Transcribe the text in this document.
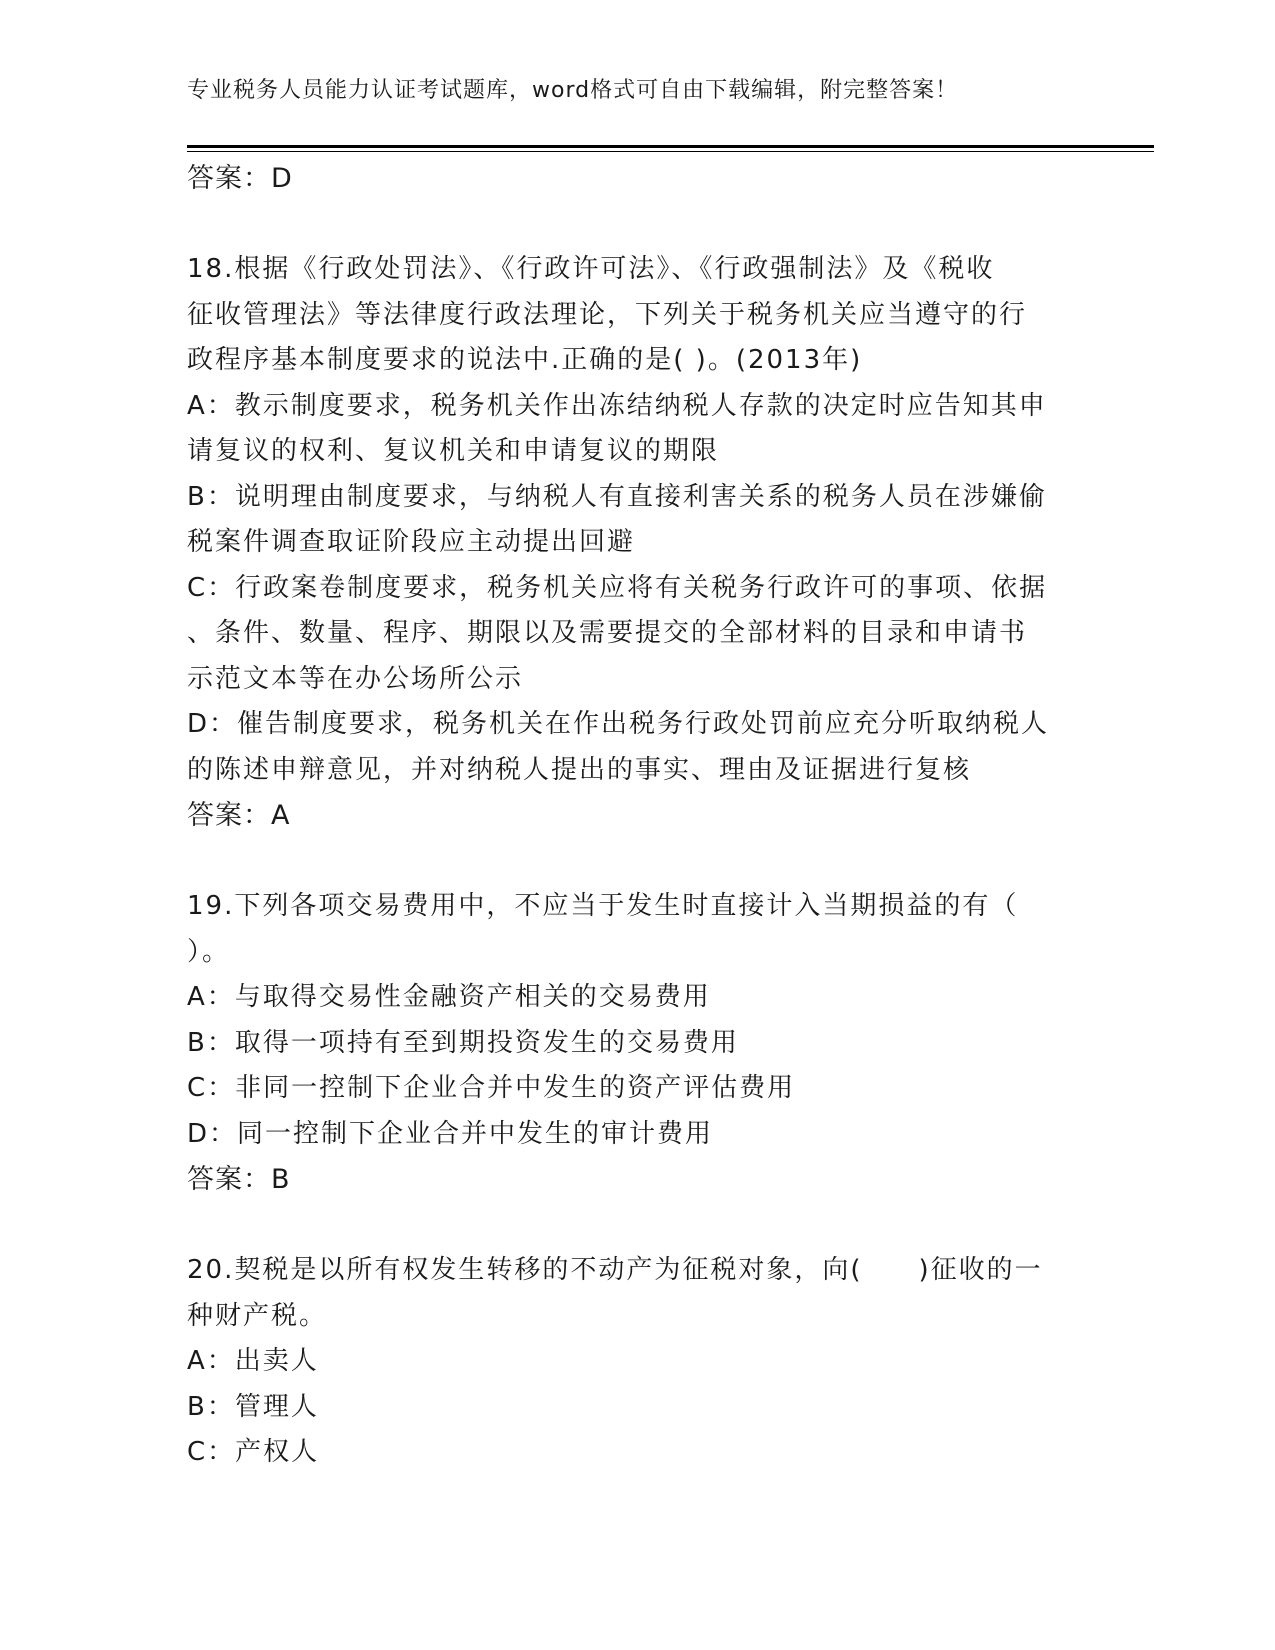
专业税务人员能力认证考试题库，word格式可自由下载编辑，附完整答案！
答案：D
18.根据《行政处罚法》、《行政许可法》、《行政强制法》及《税收
征收管理法》等法律度行政法理论，下列关于税务机关应当遵守的行
政程序基本制度要求的说法中.正确的是( )。(2013年)
A：教示制度要求，税务机关作出冻结纳税人存款的决定时应告知其申
请复议的权利、复议机关和申请复议的期限
B：说明理由制度要求，与纳税人有直接利害关系的税务人员在涉嫌偷
税案件调查取证阶段应主动提出回避
C：行政案卷制度要求，税务机关应将有关税务行政许可的事项、依据
、条件、数量、程序、期限以及需要提交的全部材料的目录和申请书
示范文本等在办公场所公示
D：催告制度要求，税务机关在作出税务行政处罚前应充分听取纳税人
的陈述申辩意见，并对纳税人提出的事实、理由及证据进行复核
答案：A
19.下列各项交易费用中，不应当于发生时直接计入当期损益的有（
）。
A：与取得交易性金融资产相关的交易费用
B：取得一项持有至到期投资发生的交易费用
C：非同一控制下企业合并中发生的资产评估费用
D：同一控制下企业合并中发生的审计费用
答案：B
20.契税是以所有权发生转移的不动产为征税对象，向(　　)征收的一
种财产税。
A：出卖人
B：管理人
C：产权人
